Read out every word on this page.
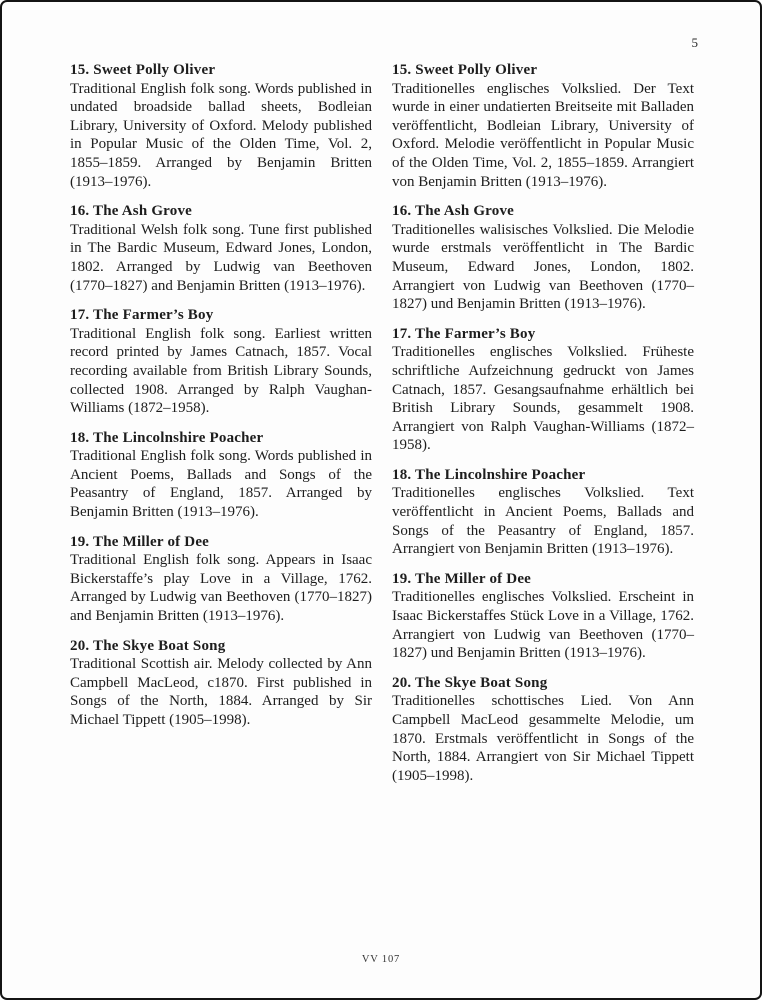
5
15. Sweet Polly Oliver
Traditional English folk song. Words published in undated broadside ballad sheets, Bodleian Library, University of Oxford. Melody published in Popular Music of the Olden Time, Vol. 2, 1855–1859. Arranged by Benjamin Britten (1913–1976).
16. The Ash Grove
Traditional Welsh folk song. Tune first published in The Bardic Museum, Edward Jones, London, 1802. Arranged by Ludwig van Beethoven (1770–1827) and Benjamin Britten (1913–1976).
17. The Farmer’s Boy
Traditional English folk song. Earliest written record printed by James Catnach, 1857. Vocal recording available from British Library Sounds, collected 1908. Arranged by Ralph Vaughan-Williams (1872–1958).
18. The Lincolnshire Poacher
Traditional English folk song. Words published in Ancient Poems, Ballads and Songs of the Peasantry of England, 1857. Arranged by Benjamin Britten (1913–1976).
19. The Miller of Dee
Traditional English folk song. Appears in Isaac Bickerstaffe’s play Love in a Village, 1762. Arranged by Ludwig van Beethoven (1770–1827) and Benjamin Britten (1913–1976).
20. The Skye Boat Song
Traditional Scottish air. Melody collected by Ann Campbell MacLeod, c1870. First published in Songs of the North, 1884. Arranged by Sir Michael Tippett (1905–1998).
15. Sweet Polly Oliver
Traditionelles englisches Volkslied. Der Text wurde in einer undatierten Breitseite mit Balladen veröffentlicht, Bodleian Library, University of Oxford. Melodie veröffentlicht in Popular Music of the Olden Time, Vol. 2, 1855–1859. Arrangiert von Benjamin Britten (1913–1976).
16. The Ash Grove
Traditionelles walisisches Volkslied. Die Melodie wurde erstmals veröffentlicht in The Bardic Museum, Edward Jones, London, 1802. Arrangiert von Ludwig van Beethoven (1770–1827) und Benjamin Britten (1913–1976).
17. The Farmer’s Boy
Traditionelles englisches Volkslied. Früheste schriftliche Aufzeichnung gedruckt von James Catnach, 1857. Gesangsaufnahme erhältlich bei British Library Sounds, gesammelt 1908. Arrangiert von Ralph Vaughan-Williams (1872–1958).
18. The Lincolnshire Poacher
Traditionelles englisches Volkslied. Text veröffentlicht in Ancient Poems, Ballads and Songs of the Peasantry of England, 1857. Arrangiert von Benjamin Britten (1913–1976).
19. The Miller of Dee
Traditionelles englisches Volkslied. Erscheint in Isaac Bickerstaffes Stück Love in a Village, 1762. Arrangiert von Ludwig van Beethoven (1770–1827) und Benjamin Britten (1913–1976).
20. The Skye Boat Song
Traditionelles schottisches Lied. Von Ann Campbell MacLeod gesammelte Melodie, um 1870. Erstmals veröffentlicht in Songs of the North, 1884. Arrangiert von Sir Michael Tippett (1905–1998).
VV 107
